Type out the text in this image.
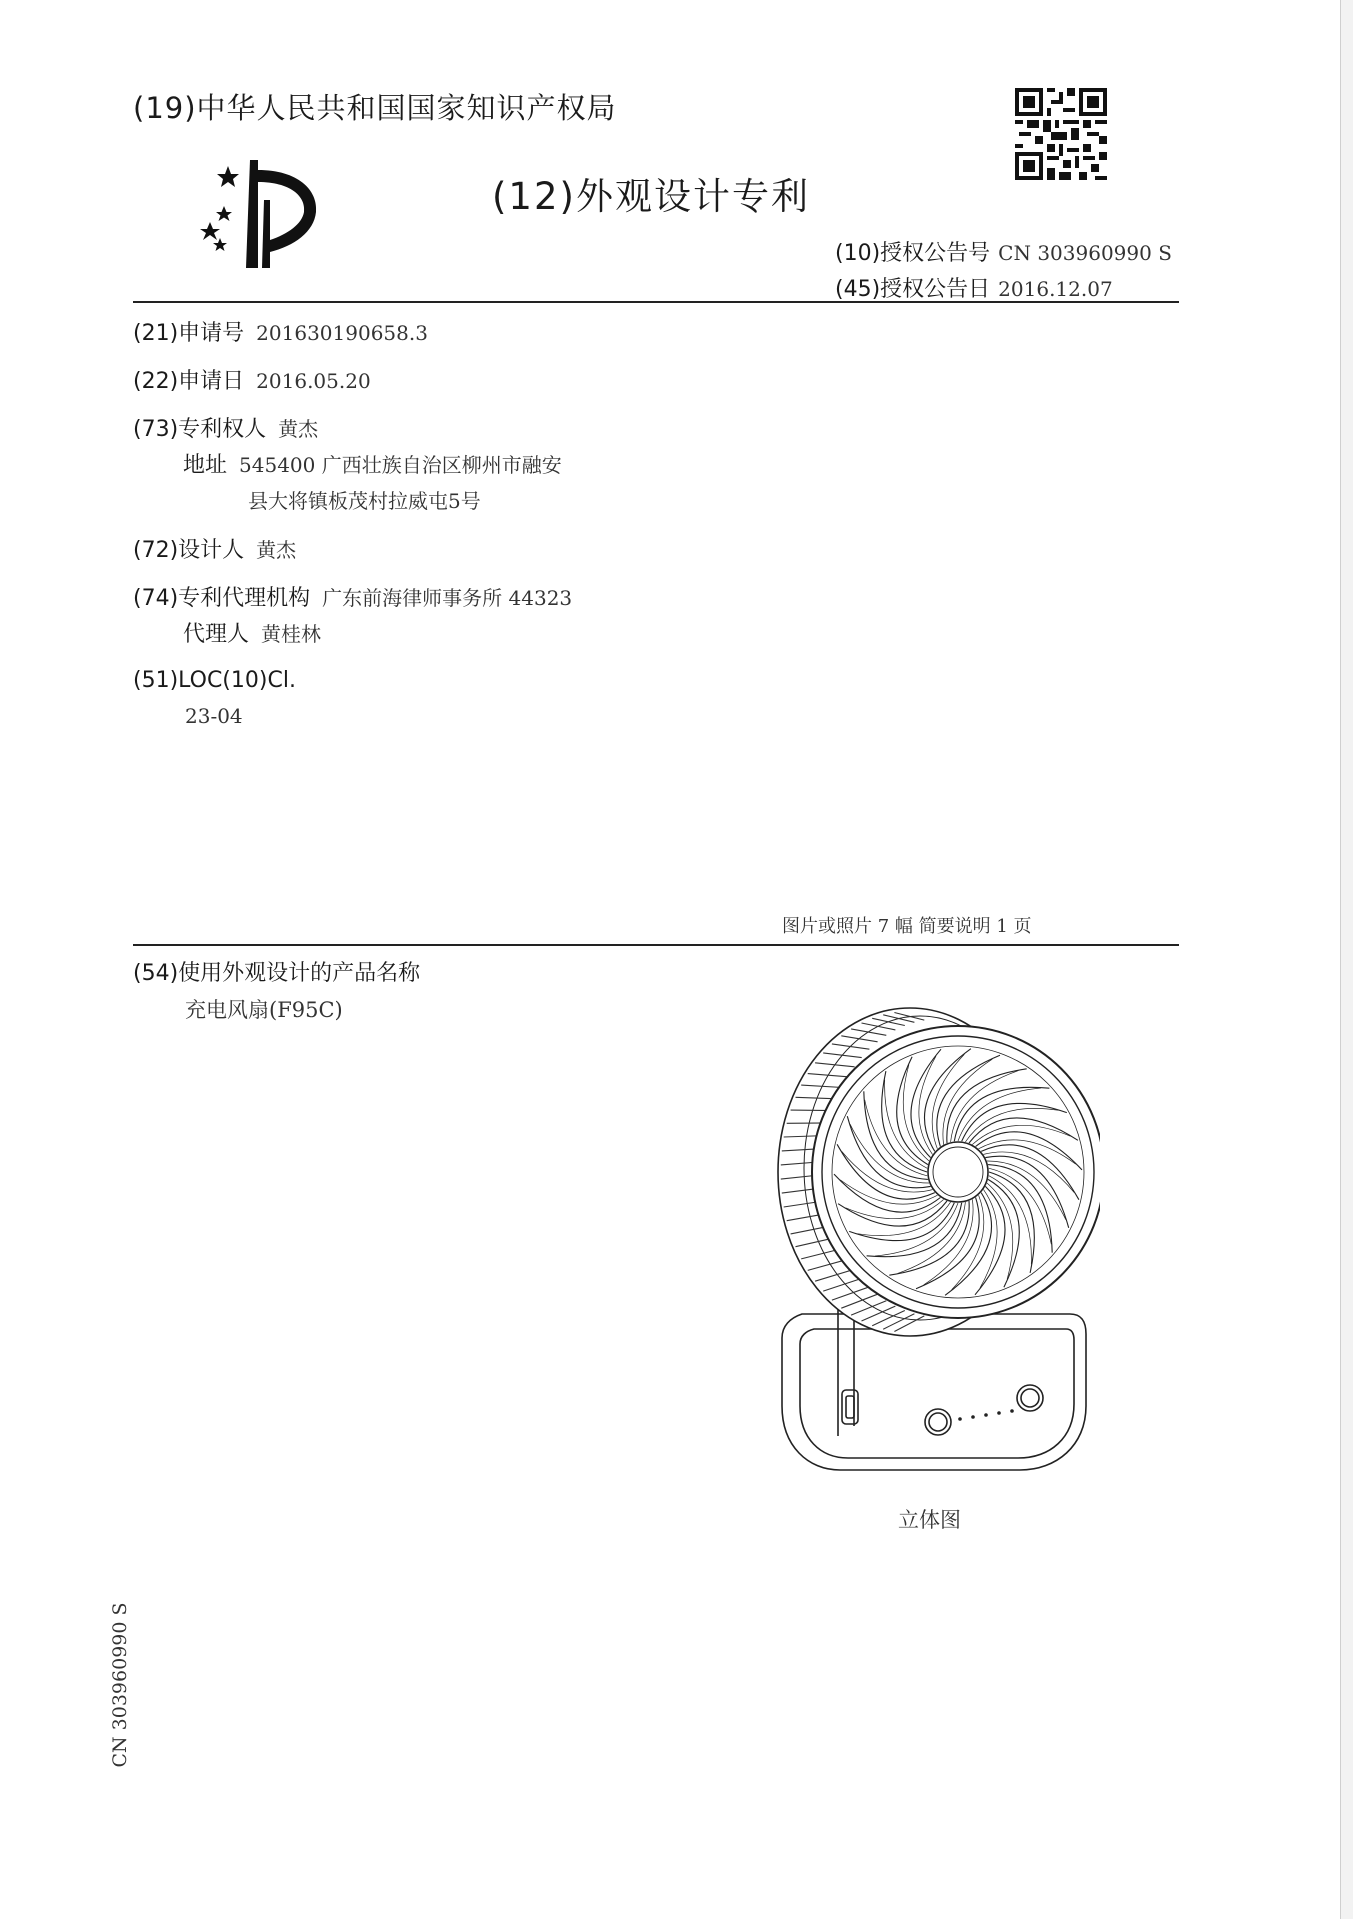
(19)中华人民共和国国家知识产权局
(12)外观设计专利
(10)授权公告号 CN 303960990 S
(45)授权公告日 2016.12.07
(21)申请号 201630190658.3
(22)申请日 2016.05.20
(73)专利权人 黄杰
地址 545400 广西壮族自治区柳州市融安
县大将镇板茂村拉威屯5号
(72)设计人 黄杰
(74)专利代理机构 广东前海律师事务所 44323
代理人 黄桂林
(51)LOC(10)Cl.
23-04
图片或照片 7 幅 简要说明 1 页
(54)使用外观设计的产品名称
充电风扇(F95C)
立体图
CN 303960990 S
